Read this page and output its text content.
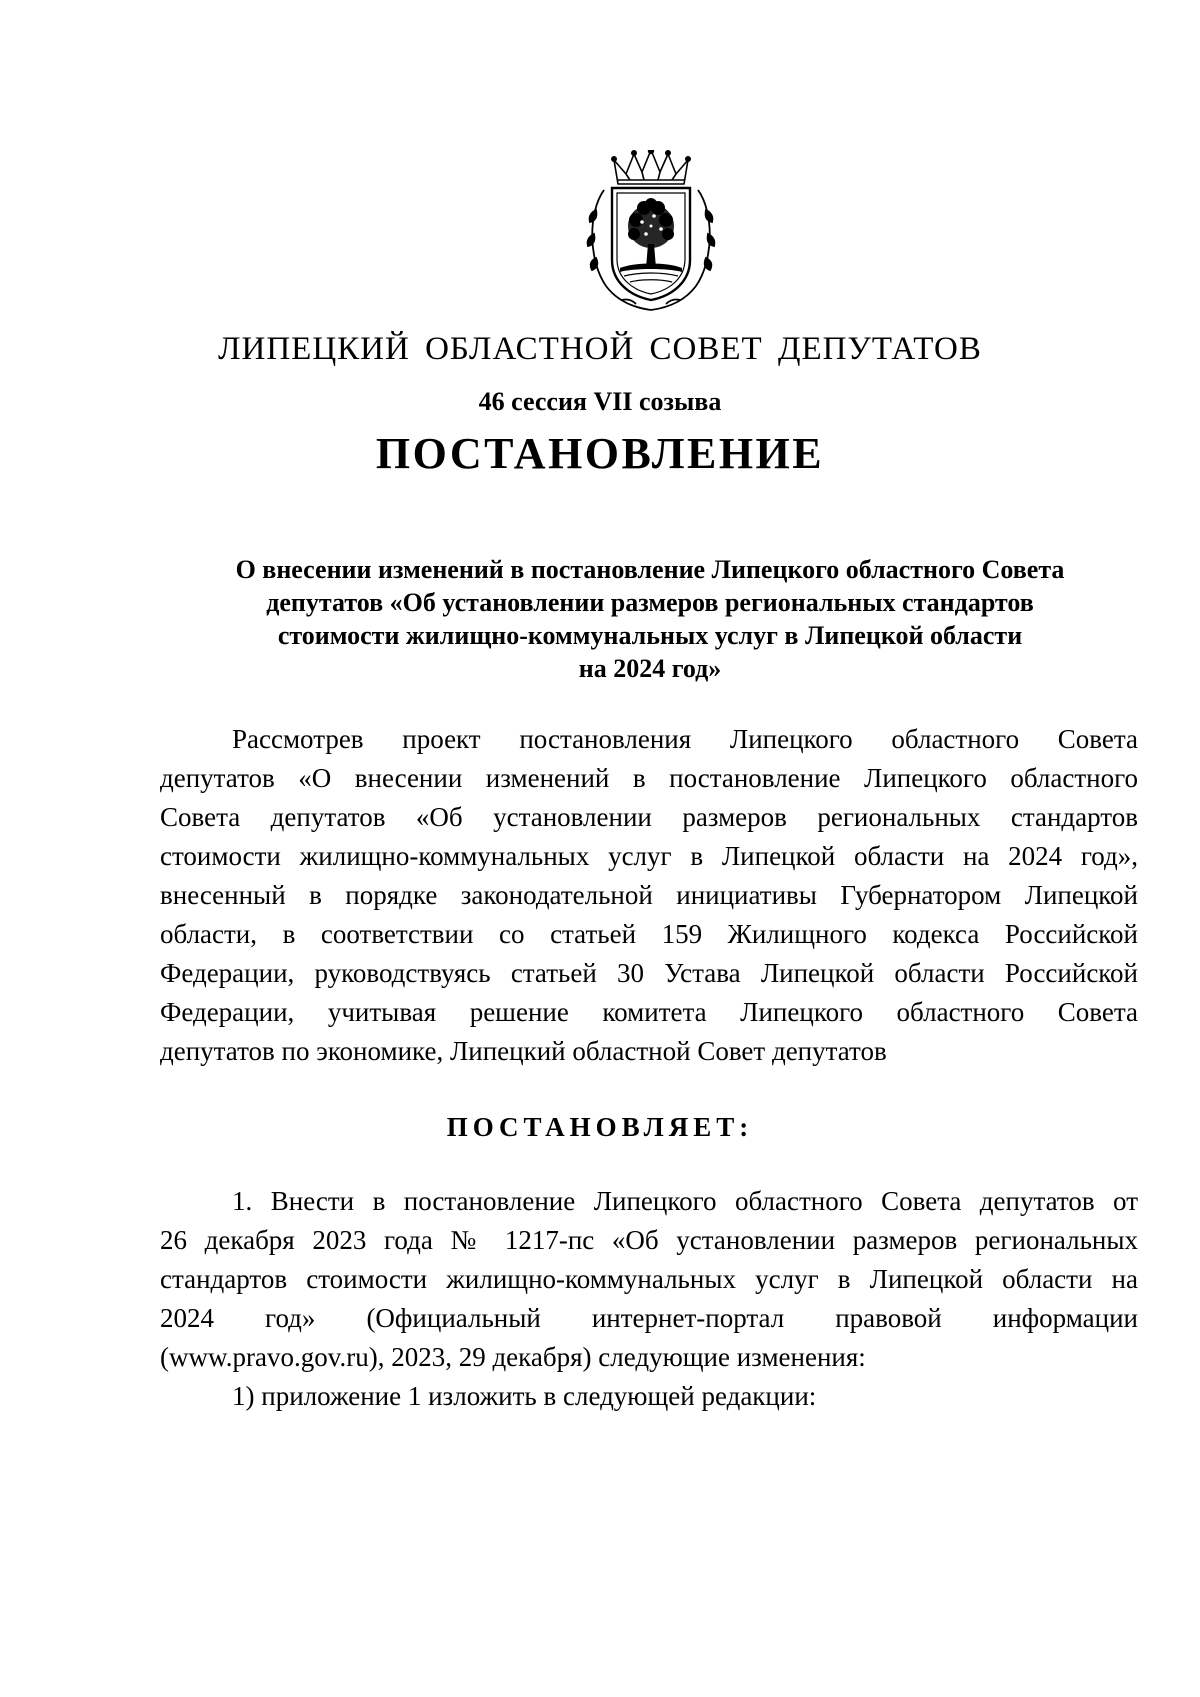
ЛИПЕЦКИЙ ОБЛАСТНОЙ СОВЕТ ДЕПУТАТОВ
46 сессия VII созыва
ПОСТАНОВЛЕНИЕ
О внесении изменений в постановление Липецкого областного Совета
депутатов «Об установлении размеров региональных стандартов
стоимости жилищно-коммунальных услуг в Липецкой области
на 2024 год»
Рассмотрев проект постановления Липецкого областного Совета
депутатов «О внесении изменений в постановление Липецкого областного
Совета депутатов «Об установлении размеров региональных стандартов
стоимости жилищно-коммунальных услуг в Липецкой области на 2024 год»,
внесенный в порядке законодательной инициативы Губернатором Липецкой
области, в соответствии со статьей 159 Жилищного кодекса Российской
Федерации, руководствуясь статьей 30 Устава Липецкой области Российской
Федерации, учитывая решение комитета Липецкого областного Совета
депутатов по экономике, Липецкий областной Совет депутатов
ПОСТАНОВЛЯЕТ:
1. Внести в постановление Липецкого областного Совета депутатов от
26 декабря 2023 года № 1217-пс «Об установлении размеров региональных
стандартов стоимости жилищно-коммунальных услуг в Липецкой области на
2024 год» (Официальный интернет-портал правовой информации
(www.pravo.gov.ru), 2023, 29 декабря) следующие изменения:
1) приложение 1 изложить в следующей редакции:
